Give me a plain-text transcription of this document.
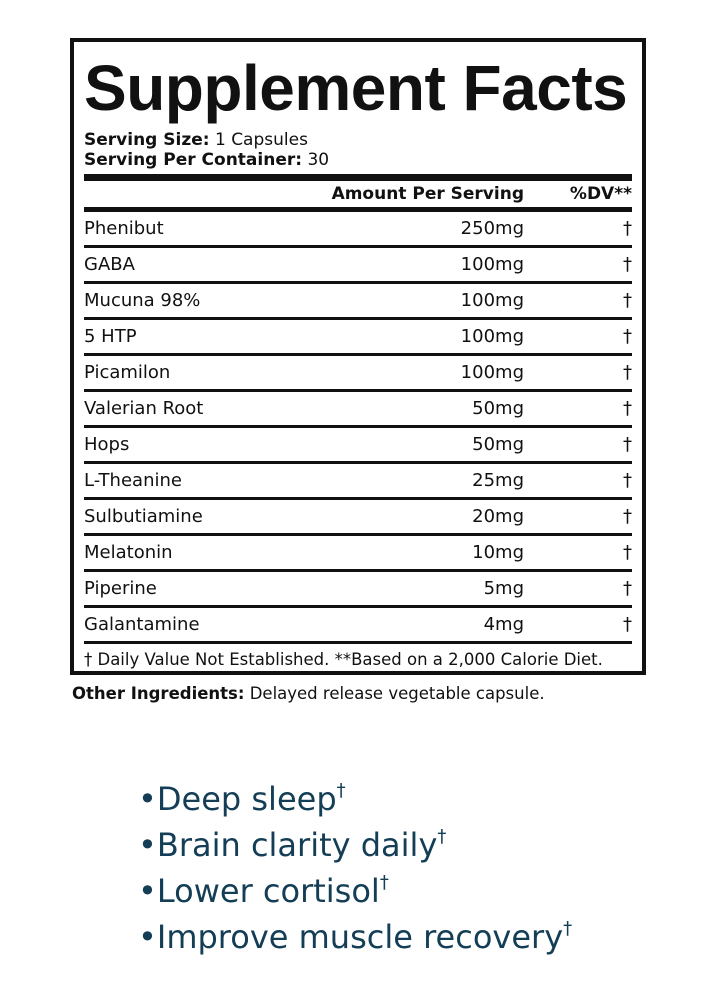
Supplement Facts
Serving Size: 1 Capsules
Serving Per Container: 30
Amount Per Serving	%DV**
Phenibut	250mg	†
GABA	100mg	†
Mucuna 98%	100mg	†
5 HTP	100mg	†
Picamilon	100mg	†
Valerian Root	50mg	†
Hops	50mg	†
L-Theanine	25mg	†
Sulbutiamine	20mg	†
Melatonin	10mg	†
Piperine	5mg	†
Galantamine	4mg	†
† Daily Value Not Established. **Based on a 2,000 Calorie Diet.
Other Ingredients: Delayed release vegetable capsule.
•Deep sleep†
•Brain clarity daily†
•Lower cortisol†
•Improve muscle recovery†
